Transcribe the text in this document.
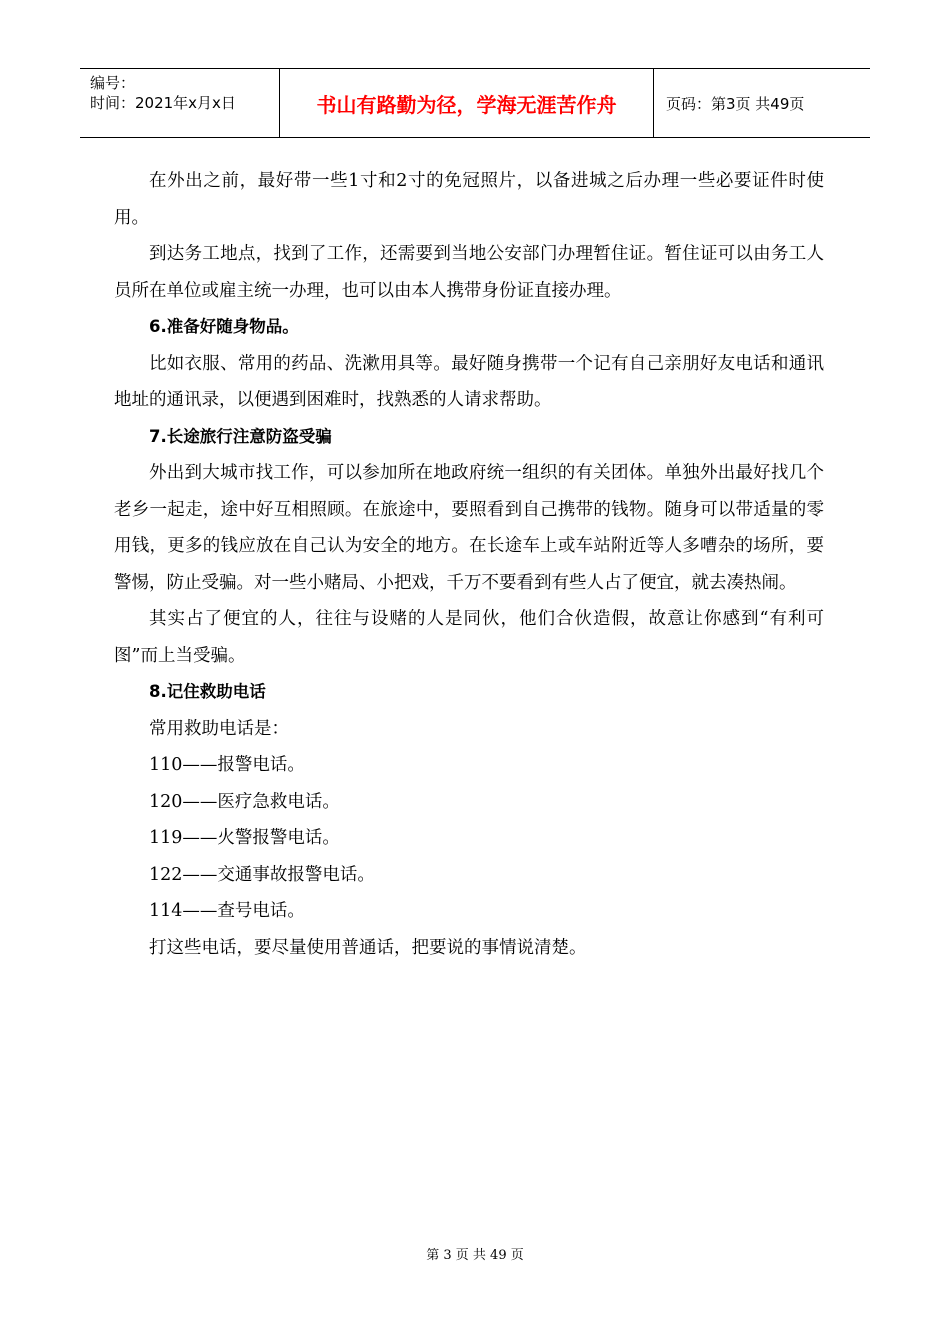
编号：
时间：2021年x月x日	书山有路勤为径，学海无涯苦作舟	页码：第3页 共49页

在外出之前，最好带一些1寸和2寸的免冠照片，以备进城之后办理一些必要证件时使用。

到达务工地点，找到了工作，还需要到当地公安部门办理暂住证。暂住证可以由务工人员所在单位或雇主统一办理，也可以由本人携带身份证直接办理。

6.准备好随身物品。

比如衣服、常用的药品、洗漱用具等。最好随身携带一个记有自己亲朋好友电话和通讯地址的通讯录，以便遇到困难时，找熟悉的人请求帮助。

7.长途旅行注意防盗受骗

外出到大城市找工作，可以参加所在地政府统一组织的有关团体。单独外出最好找几个老乡一起走，途中好互相照顾。在旅途中，要照看到自己携带的钱物。随身可以带适量的零用钱，更多的钱应放在自己认为安全的地方。在长途车上或车站附近等人多嘈杂的场所，要警惕，防止受骗。对一些小赌局、小把戏，千万不要看到有些人占了便宜，就去凑热闹。

其实占了便宜的人，往往与设赌的人是同伙，他们合伙造假，故意让你感到“有利可图”而上当受骗。

8.记住救助电话

常用救助电话是：

110——报警电话。

120——医疗急救电话。

119——火警报警电话。

122——交通事故报警电话。

114——查号电话。

打这些电话，要尽量使用普通话，把要说的事情说清楚。

第 3 页 共 49 页
